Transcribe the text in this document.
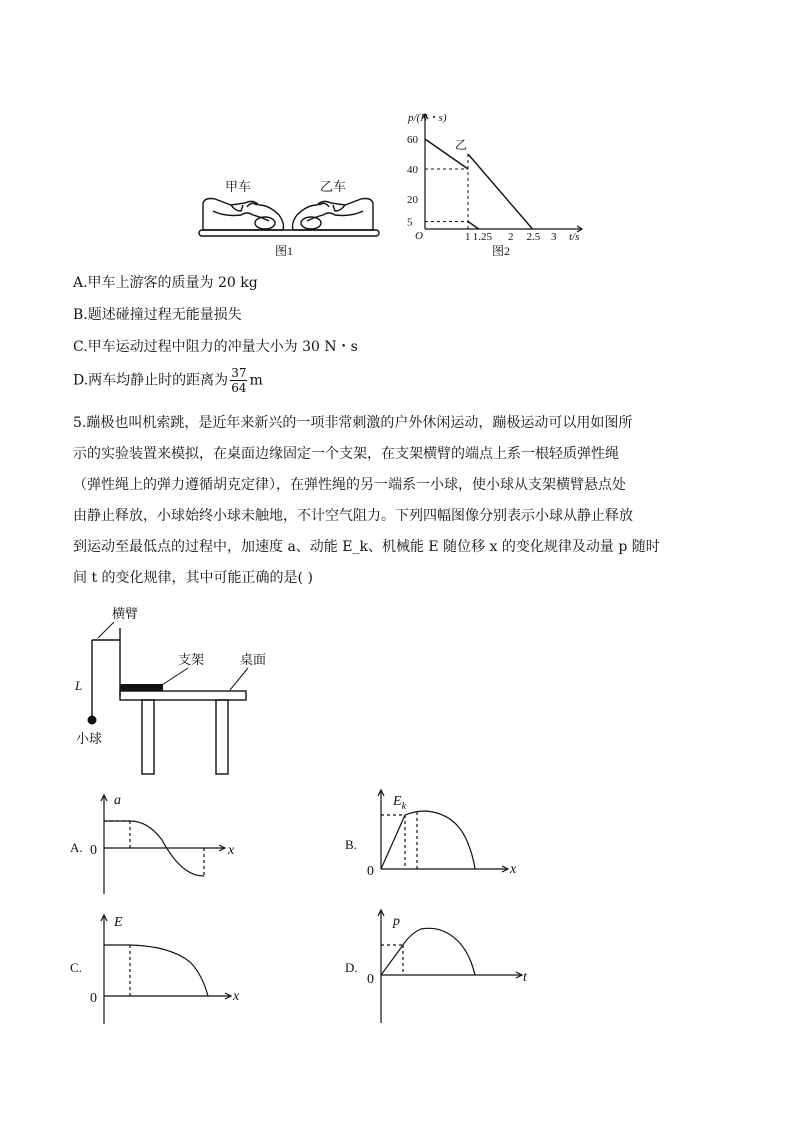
甲车	乙车
图1
p/(N・s)
t/s
O
乙
60
40
20
5
1 1.25 2 2.5 3
图2
A.甲车上游客的质量为 20 kg
B.题述碰撞过程无能量损失
C.甲车运动过程中阻力的冲量大小为 30 N・s
D.两车均静止时的距离为 $\frac{37}{64}$ m
5.蹦极也叫机索跳，是近年来新兴的一项非常刺激的户外休闲运动，蹦极运动可以用如图所
示的实验装置来模拟，在桌面边缘固定一个支架，在支架横臂的端点上系一根轻质弹性绳
（弹性绳上的弹力遵循胡克定律），在弹性绳的另一端系一小球，使小球从支架横臂悬点处
由静止释放，小球始终小球未触地，不计空气阻力。下列四幅图像分别表示小球从静止释放
到运动至最低点的过程中，加速度 a、动能 E_k、机械能 E 随位移 x 的变化规律及动量 p 随时
间 t 的变化规律，其中可能正确的是( )
横臂
L
小球
支架	桌面
A.
a
x
0	B.
$E_k$
x
0
C.
E
x
0
D.
p
t
0
